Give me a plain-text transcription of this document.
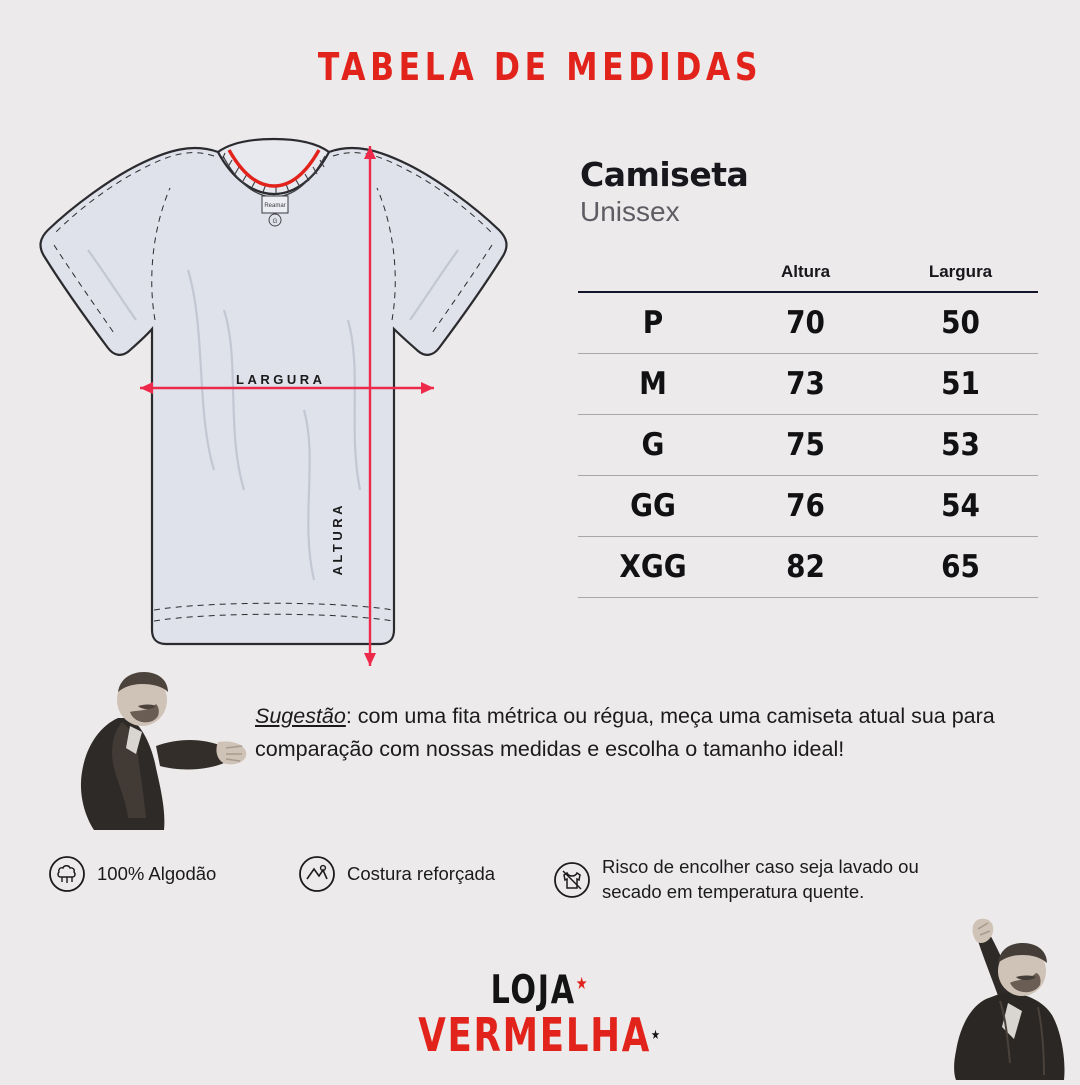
TABELA DE MEDIDAS
Reamar
G
LARGURA
ALTURA
Camiseta
Unissex
	Altura	Largura
P	70	50
M	73	51
G	75	53
GG	76	54
XGG	82	65
Sugestão: com uma fita métrica ou régua, meça uma camiseta atual sua para comparação com nossas medidas e escolha o tamanho ideal!
100% Algodão	Costura reforçada	Risco de encolher caso seja lavado ou secado em temperatura quente.
LOJA★
VERMELHA★
